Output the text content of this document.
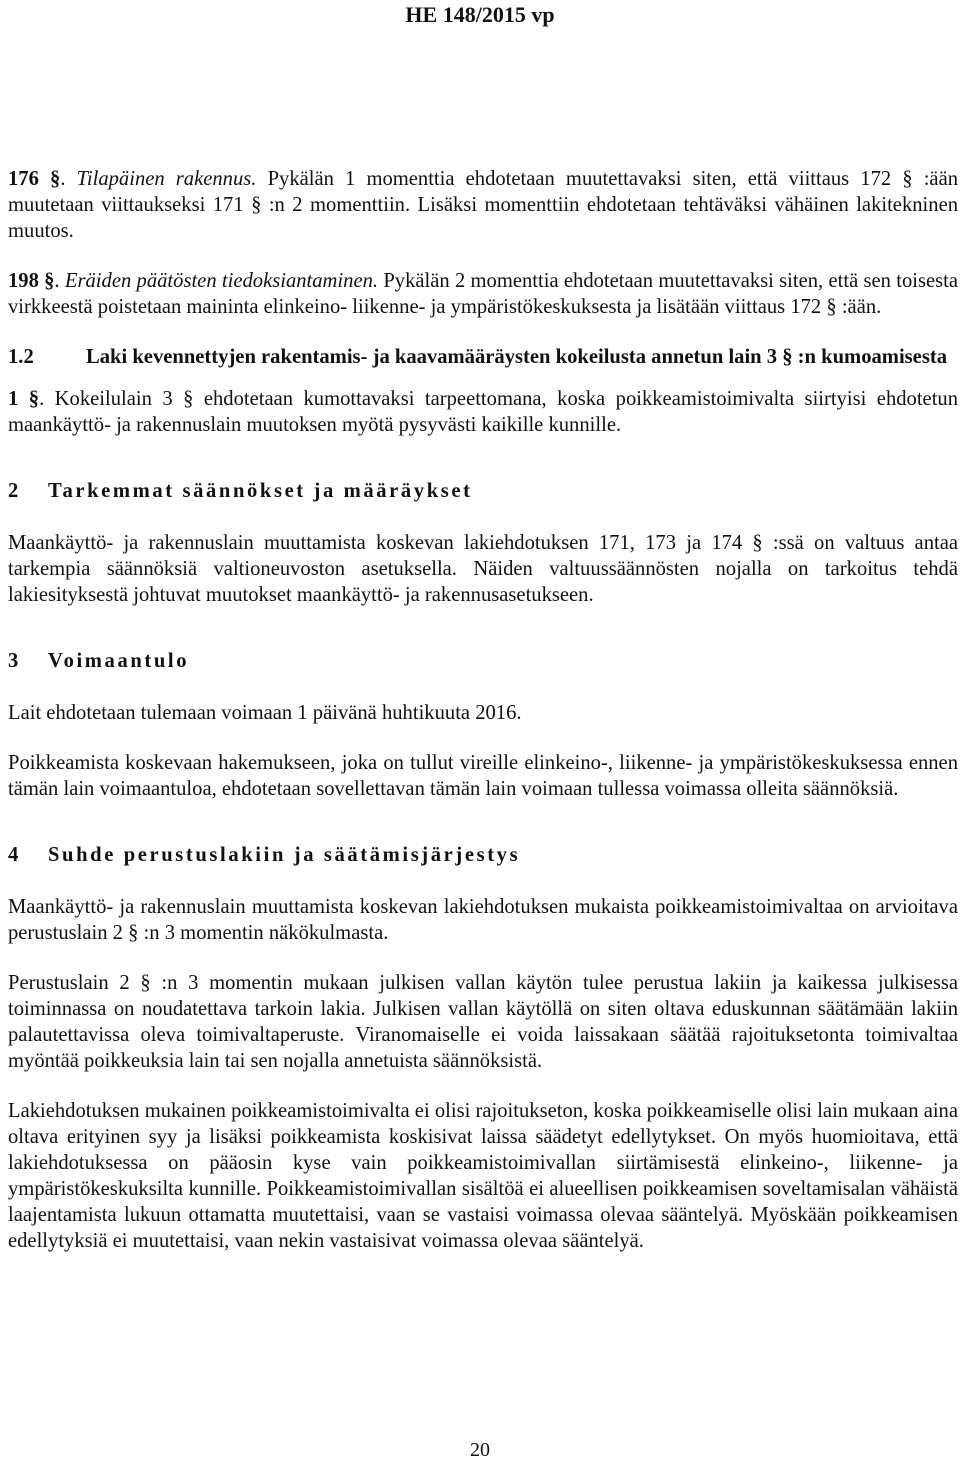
HE 148/2015 vp

176 §. Tilapäinen rakennus. Pykälän 1 momenttia ehdotetaan muutettavaksi siten, että viittaus 172 § :ään muutetaan viittaukseksi 171 § :n 2 momenttiin. Lisäksi momenttiin ehdotetaan tehtäväksi vähäinen lakitekninen muutos.

198 §. Eräiden päätösten tiedoksiantaminen. Pykälän 2 momenttia ehdotetaan muutettavaksi siten, että sen toisesta virkkeestä poistetaan maininta elinkeino- liikenne- ja ympäristökeskuksesta ja lisätään viittaus 172 § :ään.

1.2	Laki kevennettyjen rakentamis- ja kaavamääräysten kokeilusta annetun lain 3 § :n kumoamisesta

1 §. Kokeilulain 3 § ehdotetaan kumottavaksi tarpeettomana, koska poikkeamistoimivalta siirtyisi ehdotetun maankäyttö- ja rakennuslain muutoksen myötä pysyvästi kaikille kunnille.

2 Tarkemmat säännökset ja määräykset

Maankäyttö- ja rakennuslain muuttamista koskevan lakiehdotuksen 171, 173 ja 174 § :ssä on valtuus antaa tarkempia säännöksiä valtioneuvoston asetuksella. Näiden valtuussäännösten nojalla on tarkoitus tehdä lakiesityksestä johtuvat muutokset maankäyttö- ja rakennusasetukseen.

3 Voimaantulo

Lait ehdotetaan tulemaan voimaan 1 päivänä huhtikuuta 2016.

Poikkeamista koskevaan hakemukseen, joka on tullut vireille elinkeino-, liikenne- ja ympäristökeskuksessa ennen tämän lain voimaantuloa, ehdotetaan sovellettavan tämän lain voimaan tullessa voimassa olleita säännöksiä.

4 Suhde perustuslakiin ja säätämisjärjestys

Maankäyttö- ja rakennuslain muuttamista koskevan lakiehdotuksen mukaista poikkeamistoimivaltaa on arvioitava perustuslain 2 § :n 3 momentin näkökulmasta.

Perustuslain 2 § :n 3 momentin mukaan julkisen vallan käytön tulee perustua lakiin ja kaikessa julkisessa toiminnassa on noudatettava tarkoin lakia. Julkisen vallan käytöllä on siten oltava eduskunnan säätämään lakiin palautettavissa oleva toimivaltaperuste. Viranomaiselle ei voida laissakaan säätää rajoituksetonta toimivaltaa myöntää poikkeuksia lain tai sen nojalla annetuista säännöksistä.

Lakiehdotuksen mukainen poikkeamistoimivalta ei olisi rajoitukseton, koska poikkeamiselle olisi lain mukaan aina oltava erityinen syy ja lisäksi poikkeamista koskisivat laissa säädetyt edellytykset. On myös huomioitava, että lakiehdotuksessa on pääosin kyse vain poikkeamistoimivallan siirtämisestä elinkeino-, liikenne- ja ympäristökeskuksilta kunnille. Poikkeamistoimivallan sisältöä ei alueellisen poikkeamisen soveltamisalan vähäistä laajentamista lukuun ottamatta muutettaisi, vaan se vastaisi voimassa olevaa sääntelyä. Myöskään poikkeamisen edellytyksiä ei muutettaisi, vaan nekin vastaisivat voimassa olevaa sääntelyä.

20
